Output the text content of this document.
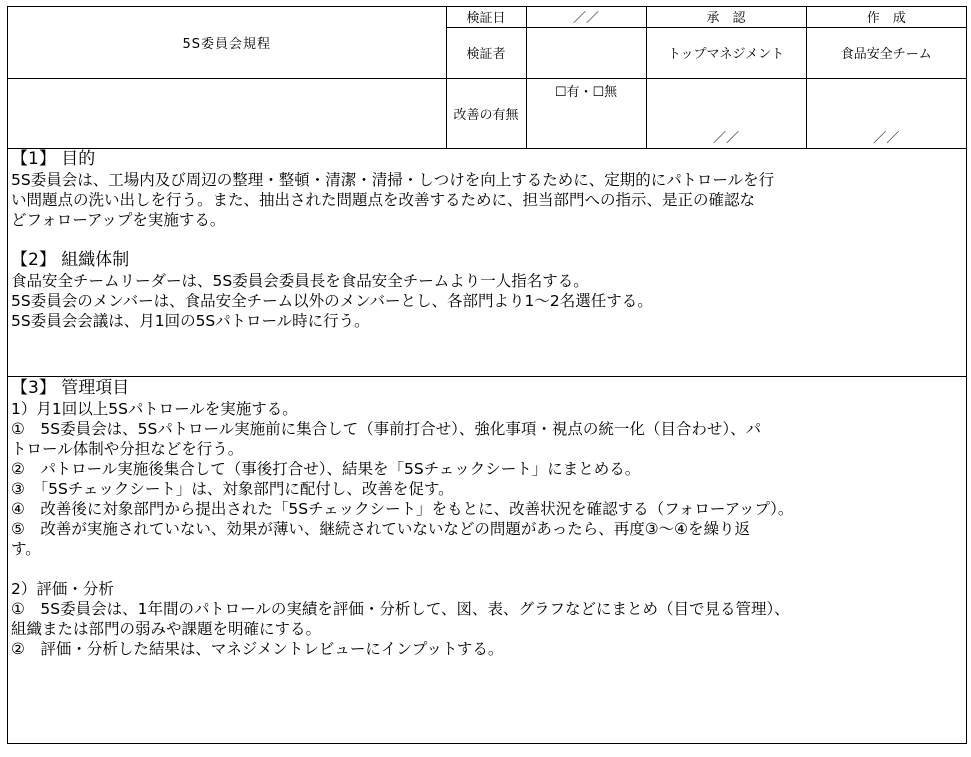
5S委員会規程	検証日	／／	承　認	作　成
	検証者		トップマネジメント	食品安全チーム
	改善の有無	☐有・☐無	／／	／／

【1】 目的

5S委員会は、工場内及び周辺の整理・整頓・清潔・清掃・しつけを向上するために、定期的にパトロールを行

い問題点の洗い出しを行う。また、抽出された問題点を改善するために、担当部門への指示、是正の確認な

どフォローアップを実施する。

【2】 組織体制

食品安全チームリーダーは、5S委員会委員長を食品安全チームより一人指名する。

5S委員会のメンバーは、食品安全チーム以外のメンバーとし、各部門より1～2名選任する。

5S委員会会議は、月1回の5Sパトロール時に行う。

【3】 管理項目

1）月1回以上5Sパトロールを実施する。

①　5S委員会は、5Sパトロール実施前に集合して（事前打合せ）、強化事項・視点の統一化（目合わせ）、パ

トロール体制や分担などを行う。

②　パトロール実施後集合して（事後打合せ）、結果を「5Sチェックシート」にまとめる。

③　「5Sチェックシート」は、対象部門に配付し、改善を促す。

④　改善後に対象部門から提出された「5Sチェックシート」をもとに、改善状況を確認する（フォローアップ）。

⑤　改善が実施されていない、効果が薄い、継続されていないなどの問題があったら、再度③～④を繰り返

す。

2）評価・分析

①　5S委員会は、1年間のパトロールの実績を評価・分析して、図、表、グラフなどにまとめ（目で見る管理）、

組織または部門の弱みや課題を明確にする。

②　評価・分析した結果は、マネジメントレビューにインプットする。
